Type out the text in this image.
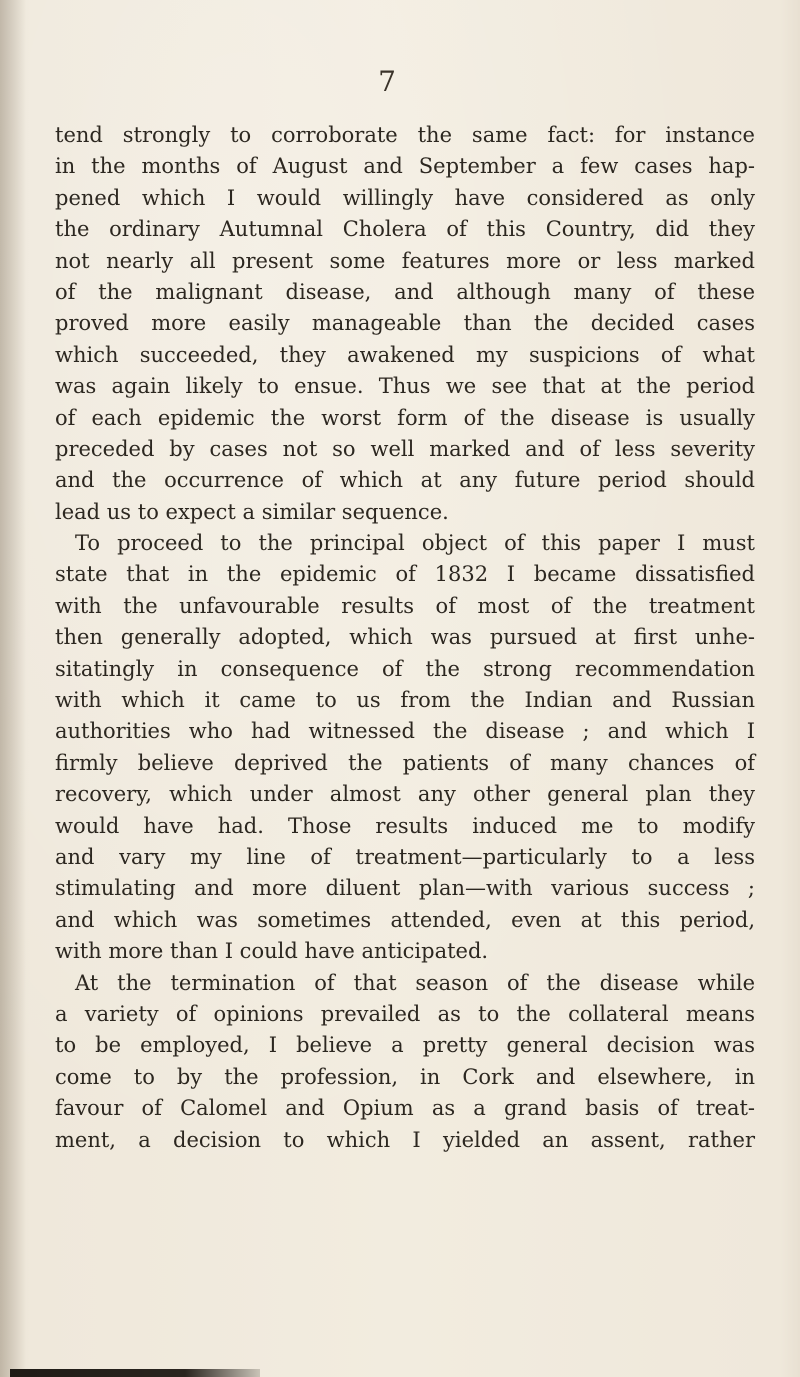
7
tend strongly to corroborate the same fact: for instance
in the months of August and September a few cases hap-
pened which I would willingly have considered as only
the ordinary Autumnal Cholera of this Country, did they
not nearly all present some features more or less marked
of the malignant disease, and although many of these
proved more easily manageable than the decided cases
which succeeded, they awakened my suspicions of what
was again likely to ensue. Thus we see that at the period
of each epidemic the worst form of the disease is usually
preceded by cases not so well marked and of less severity
and the occurrence of which at any future period should
lead us to expect a similar sequence.
To proceed to the principal object of this paper I must
state that in the epidemic of 1832 I became dissatisfied
with the unfavourable results of most of the treatment
then generally adopted, which was pursued at first unhe-
sitatingly in consequence of the strong recommendation
with which it came to us from the Indian and Russian
authorities who had witnessed the disease ; and which I
firmly believe deprived the patients of many chances of
recovery, which under almost any other general plan they
would have had. Those results induced me to modify
and vary my line of treatment—particularly to a less
stimulating and more diluent plan—with various success ;
and which was sometimes attended, even at this period,
with more than I could have anticipated.
At the termination of that season of the disease while
a variety of opinions prevailed as to the collateral means
to be employed, I believe a pretty general decision was
come to by the profession, in Cork and elsewhere, in
favour of Calomel and Opium as a grand basis of treat-
ment, a decision to which I yielded an assent, rather
